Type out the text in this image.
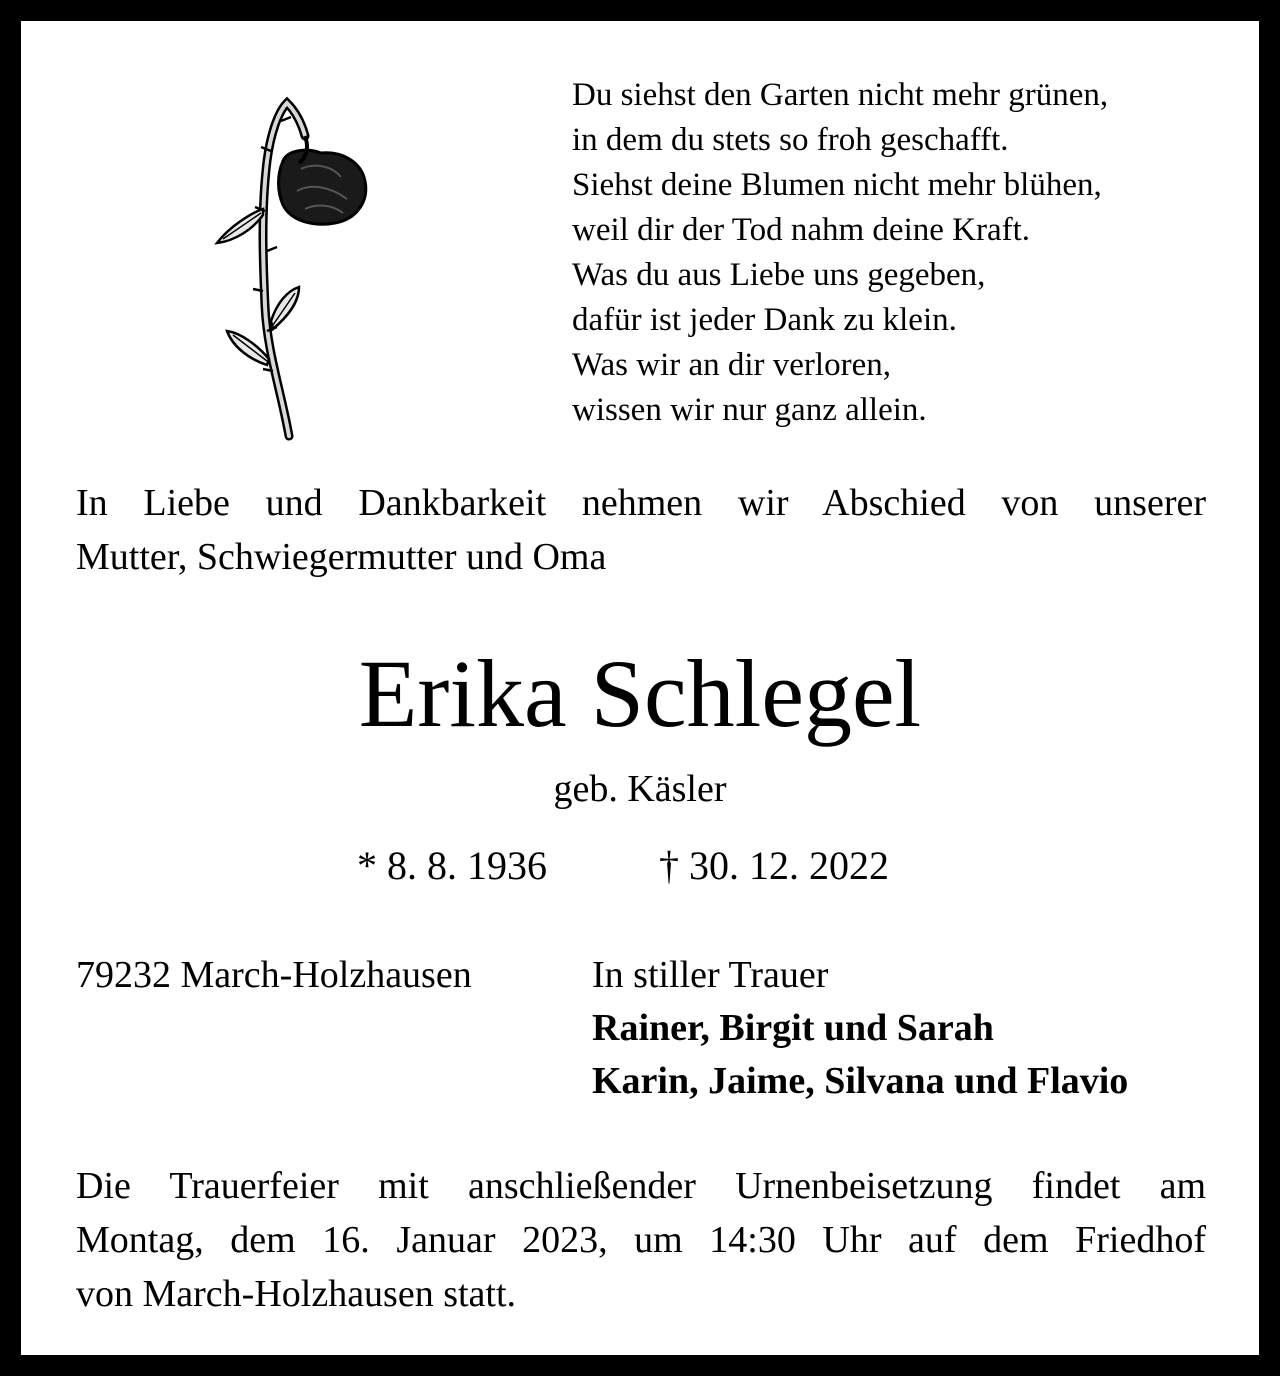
Du siehst den Garten nicht mehr grünen,
in dem du stets so froh geschafft.
Siehst deine Blumen nicht mehr blühen,
weil dir der Tod nahm deine Kraft.
Was du aus Liebe uns gegeben,
dafür ist jeder Dank zu klein.
Was wir an dir verloren,
wissen wir nur ganz allein.
In Liebe und Dankbarkeit nehmen wir Abschied von unserer
Mutter, Schwiegermutter und Oma
Erika Schlegel
geb. Käsler
* 8. 8. 1936	† 30. 12. 2022
79232 March-Holzhausen	In stiller Trauer
Rainer, Birgit und Sarah
Karin, Jaime, Silvana und Flavio
Die Trauerfeier mit anschließender Urnenbeisetzung findet am
Montag, dem 16. Januar 2023, um 14:30 Uhr auf dem Friedhof
von March-Holzhausen statt.
